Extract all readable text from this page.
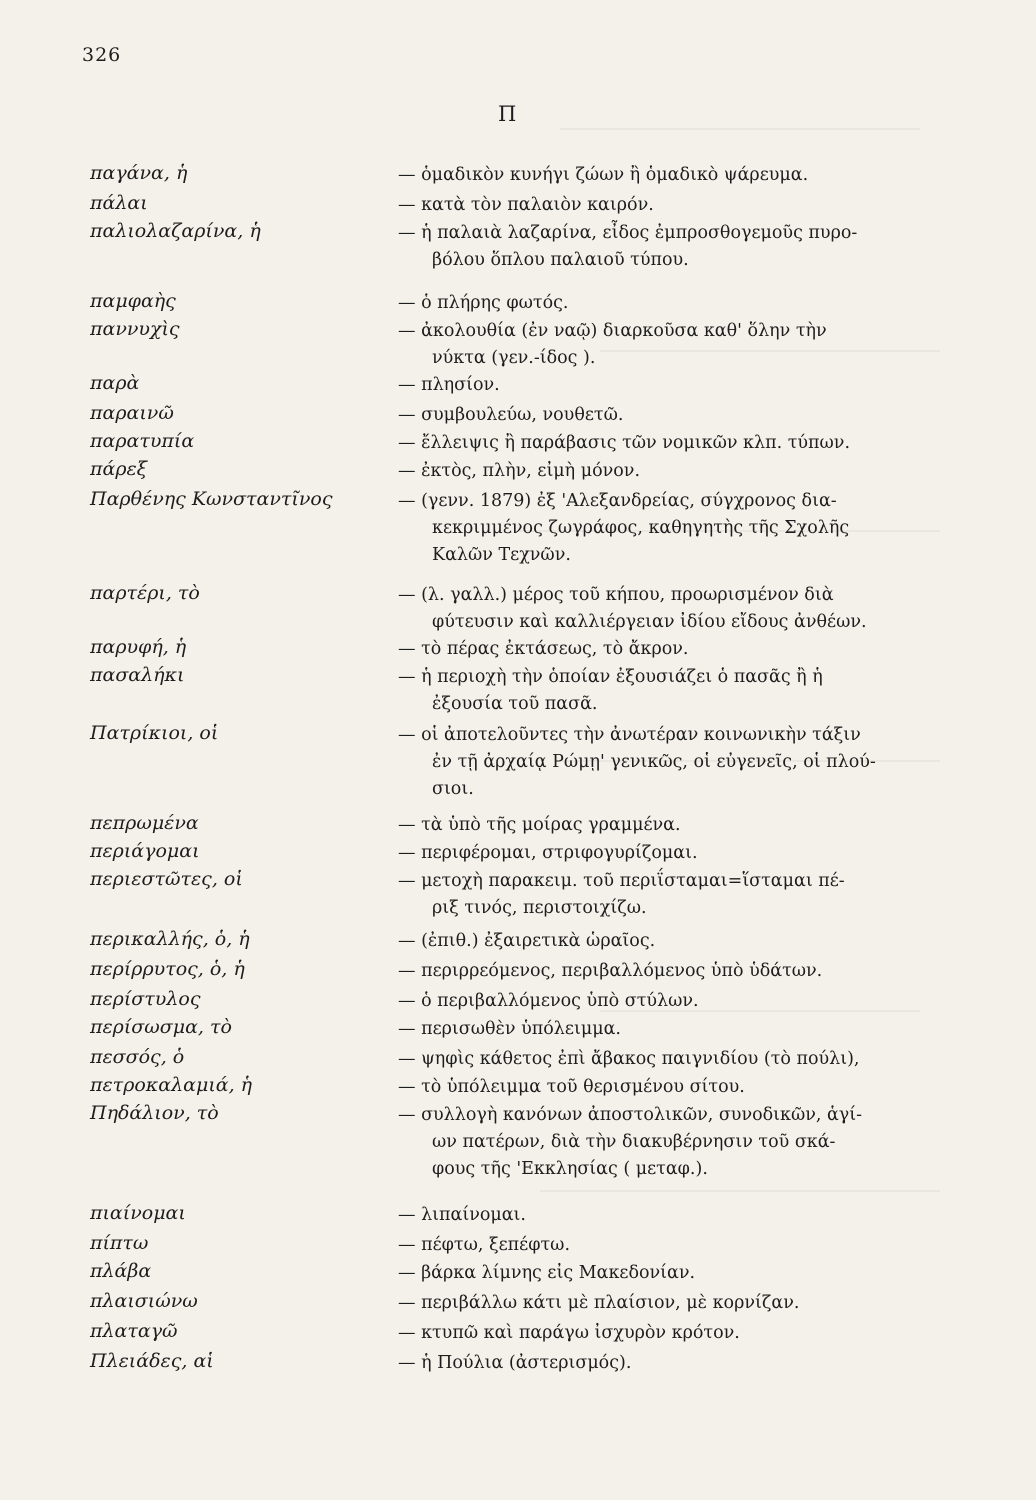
326
Π
παγάνα, ἡ	— ὁμαδικὸν κυνήγι ζώων ἢ ὁμαδικὸ ψάρευμα.
πάλαι	— κατὰ τὸν παλαιὸν καιρόν.
παλιολαζαρίνα, ἡ	— ἡ παλαιὰ λαζαρίνα, εἶδος ἐμπροσθογεμοῦς πυρο-

βόλου ὅπλου παλαιοῦ τύπου.
παμφαὴς	— ὁ πλήρης φωτός.
παννυχὶς	— ἀκολουθία (ἐν ναῷ) διαρκοῦσα καθ' ὅλην τὴν

νύκτα (γεν.-ίδος ).
παρὰ	— πλησίον.
παραινῶ	— συμβουλεύω, νουθετῶ.
παρατυπία	— ἔλλειψις ἢ παράβασις τῶν νομικῶν κλπ. τύπων.
πάρεξ	— ἐκτὸς, πλὴν, εἰμὴ μόνον.
Παρθένης Κωνσταντῖνος	— (γενν. 1879) ἐξ 'Αλεξανδρείας, σύγχρονος δια-

κεκριμμένος ζωγράφος, καθηγητὴς τῆς Σχολῆς
Καλῶν Τεχνῶν.
παρτέρι, τὸ	— (λ. γαλλ.) μέρος τοῦ κήπου, προωρισμένον διὰ

φύτευσιν καὶ καλλιέργειαν ἰδίου εἴδους ἀνθέων.
παρυφή, ἡ	— τὸ πέρας ἐκτάσεως, τὸ ἄκρον.
πασαλήκι	— ἡ περιοχὴ τὴν ὁποίαν ἐξουσιάζει ὁ πασᾶς ἢ ἡ

ἐξουσία τοῦ πασᾶ.
Πατρίκιοι, οἱ	— οἱ ἀποτελοῦντες τὴν ἀνωτέραν κοινωνικὴν τάξιν

ἐν τῇ ἀρχαίᾳ Ρώμῃ' γενικῶς, οἱ εὐγενεῖς, οἱ πλού-
σιοι.
πεπρωμένα	— τὰ ὑπὸ τῆς μοίρας γραμμένα.
περιάγομαι	— περιφέρομαι, στριφογυρίζομαι.
περιεστῶτες, οἱ	— μετοχὴ παρακειμ. τοῦ περιΐσταμαι=ἵσταμαι πέ-

ριξ τινός, περιστοιχίζω.
περικαλλής, ὁ, ἡ	— (ἐπιθ.) ἐξαιρετικὰ ὡραῖος.
περίρρυτος, ὁ, ἡ	— περιρρεόμενος, περιβαλλόμενος ὑπὸ ὑδάτων.
περίστυλος	— ὁ περιβαλλόμενος ὑπὸ στύλων.
περίσωσμα, τὸ	— περισωθὲν ὑπόλειμμα.
πεσσός, ὁ	— ψηφὶς κάθετος ἐπὶ ἄβακος παιγνιδίου (τὸ πούλι),
πετροκαλαμιά, ἡ	— τὸ ὑπόλειμμα τοῦ θερισμένου σίτου.
Πηδάλιον, τὸ	— συλλογὴ κανόνων ἀποστολικῶν, συνοδικῶν, ἁγί-

ων πατέρων, διὰ τὴν διακυβέρνησιν τοῦ σκά-
φους τῆς 'Εκκλησίας ( μεταφ.).
πιαίνομαι	— λιπαίνομαι.
πίπτω	— πέφτω, ξεπέφτω.
πλάβα	— βάρκα λίμνης εἰς Μακεδονίαν.
πλαισιώνω	— περιβάλλω κάτι μὲ πλαίσιον, μὲ κορνίζαν.
πλαταγῶ	— κτυπῶ καὶ παράγω ἰσχυρὸν κρότον.
Πλειάδες, αἱ	— ἡ Πούλια (ἀστερισμός).
